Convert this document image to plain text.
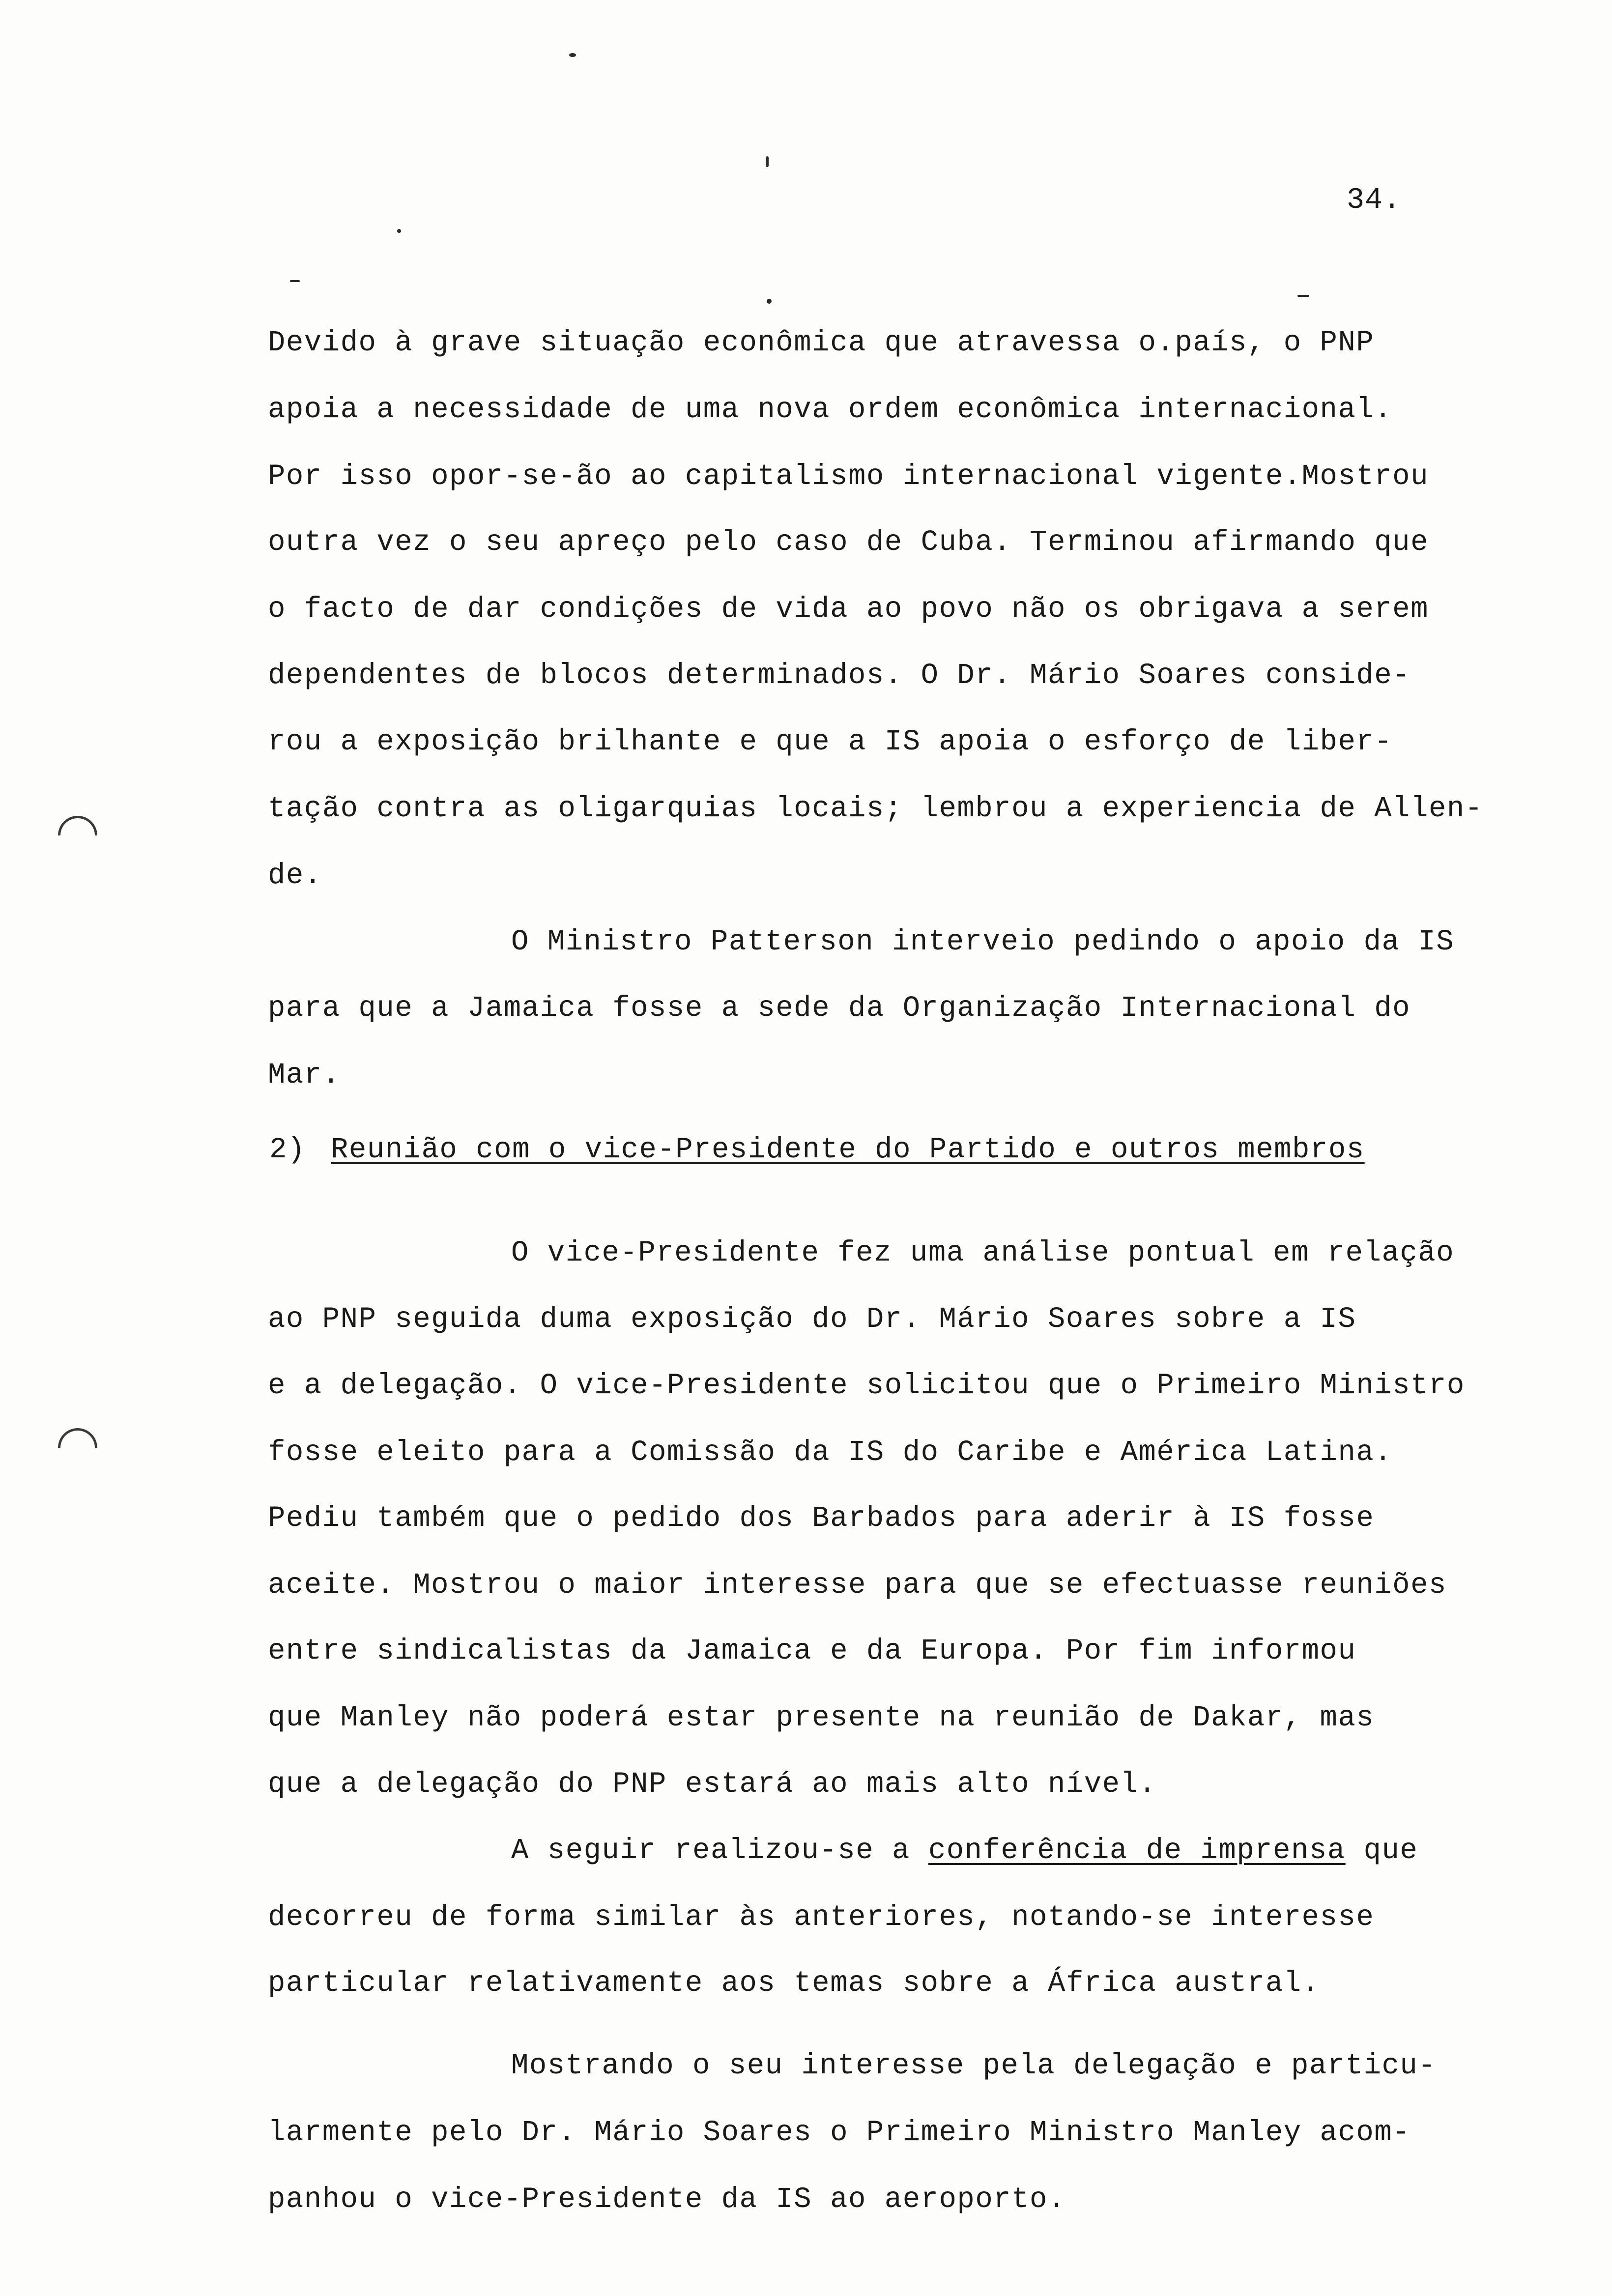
34.
Devido à grave situação econômica que atravessa o.país, o PNP
apoia a necessidade de uma nova ordem econômica internacional.
Por isso opor-se-ão ao capitalismo internacional vigente.Mostrou
outra vez o seu apreço pelo caso de Cuba. Terminou afirmando que
o facto de dar condições de vida ao povo não os obrigava a serem
dependentes de blocos determinados. O Dr. Mário Soares conside-
rou a exposição brilhante e que a IS apoia o esforço de liber-
tação contra as oligarquias locais; lembrou a experiencia de Allen-
de.
O Ministro Patterson interveio pedindo o apoio da IS
para que a Jamaica fosse a sede da Organização Internacional do
Mar.
2) Reunião com o vice-Presidente do Partido e outros membros
O vice-Presidente fez uma análise pontual em relação
ao PNP seguida duma exposição do Dr. Mário Soares sobre a IS
e a delegação. O vice-Presidente solicitou que o Primeiro Ministro
fosse eleito para a Comissão da IS do Caribe e América Latina.
Pediu também que o pedido dos Barbados para aderir à IS fosse
aceite. Mostrou o maior interesse para que se efectuasse reuniões
entre sindicalistas da Jamaica e da Europa. Por fim informou
que Manley não poderá estar presente na reunião de Dakar, mas
que a delegação do PNP estará ao mais alto nível.
A seguir realizou-se a conferência de imprensa que
decorreu de forma similar às anteriores, notando-se interesse
particular relativamente aos temas sobre a África austral.
Mostrando o seu interesse pela delegação e particu-
larmente pelo Dr. Mário Soares o Primeiro Ministro Manley acom-
panhou o vice-Presidente da IS ao aeroporto.
